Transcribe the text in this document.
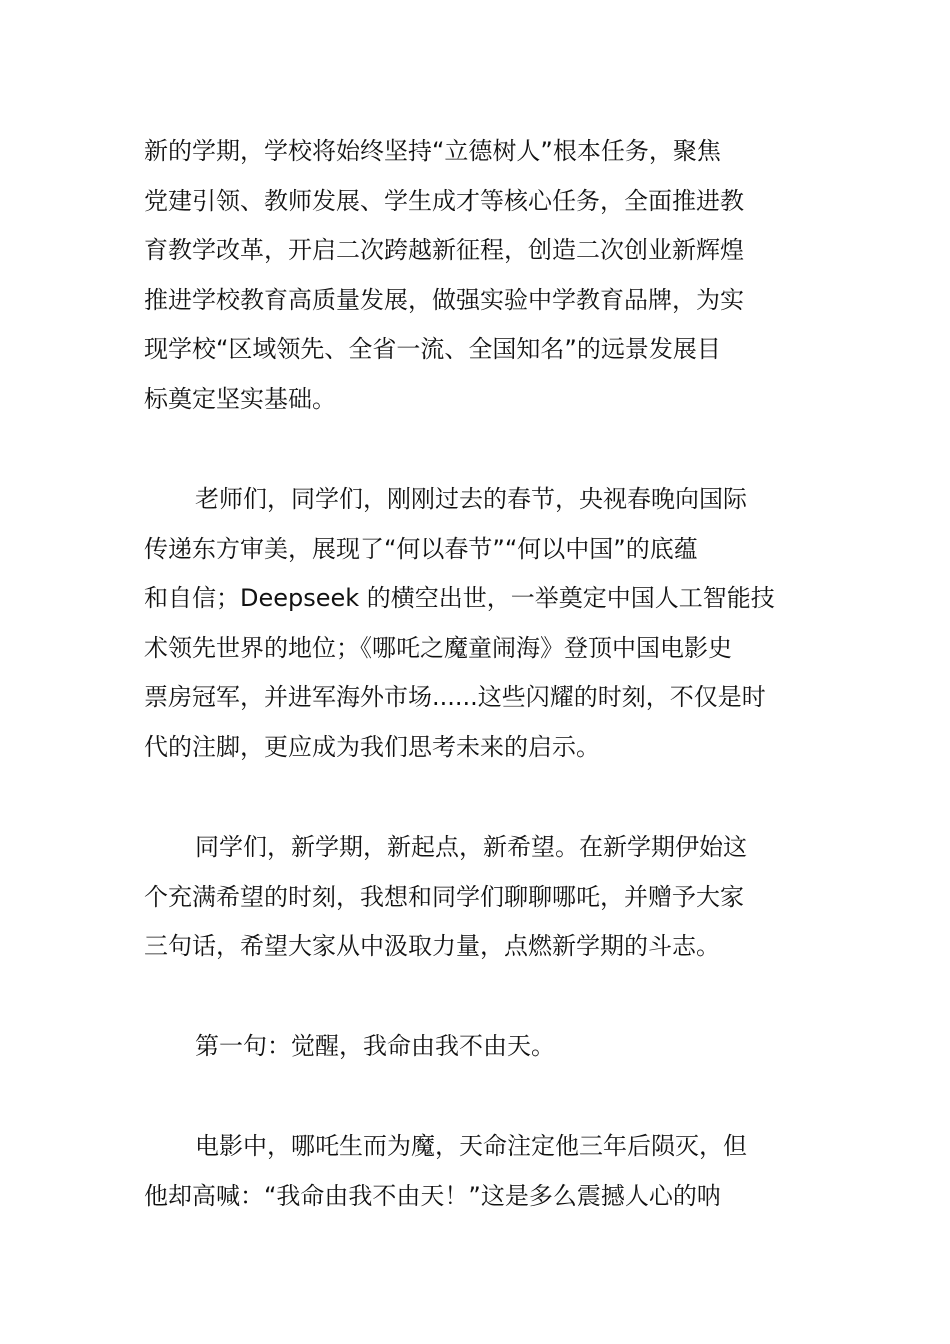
新的学期，学校将始终坚持“立德树人”根本任务，聚焦
党建引领、教师发展、学生成才等核心任务，全面推进教
育教学改革，开启二次跨越新征程，创造二次创业新辉煌
推进学校教育高质量发展，做强实验中学教育品牌，为实
现学校“区域领先、全省一流、全国知名”的远景发展目
标奠定坚实基础。
老师们，同学们，刚刚过去的春节，央视春晚向国际
传递东方审美，展现了“何以春节”“何以中国”的底蕴
和自信；Deepseek 的横空出世，一举奠定中国人工智能技
术领先世界的地位；《哪吒之魔童闹海》登顶中国电影史
票房冠军，并进军海外市场......这些闪耀的时刻，不仅是时
代的注脚，更应成为我们思考未来的启示。
同学们，新学期，新起点，新希望。在新学期伊始这
个充满希望的时刻，我想和同学们聊聊哪吒，并赠予大家
三句话，希望大家从中汲取力量，点燃新学期的斗志。
第一句：觉醒，我命由我不由天。
电影中，哪吒生而为魔，天命注定他三年后陨灭，但
他却高喊：“我命由我不由天！”这是多么震撼人心的呐
